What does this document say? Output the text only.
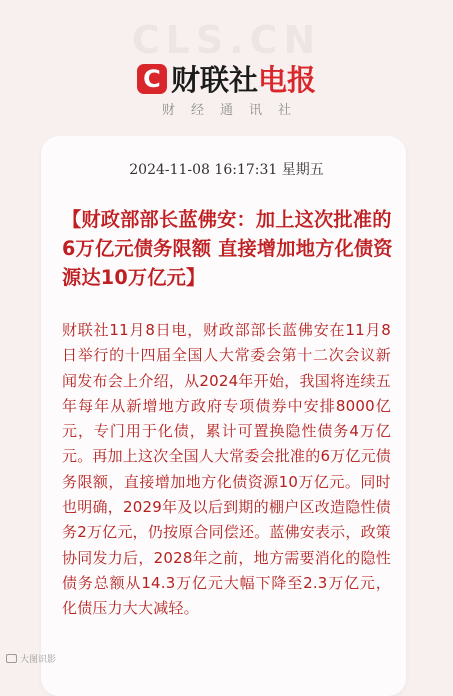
C 财联社电报
财经通讯社
2024-11-08 16:17:31 星期五
【财政部部长蓝佛安：加上这次批准的6万亿元债务限额 直接增加地方化债资源达10万亿元】
财联社11月8日电，财政部部长蓝佛安在11月8日举行的十四届全国人大常委会第十二次会议新闻发布会上介绍，从2024年开始，我国将连续五年每年从新增地方政府专项债券中安排8000亿元，专门用于化债，累计可置换隐性债务4万亿元。再加上这次全国人大常委会批准的6万亿元债务限额，直接增加地方化债资源10万亿元。同时也明确，2029年及以后到期的棚户区改造隐性债务2万亿元，仍按原合同偿还。蓝佛安表示，政策协同发力后，2028年之前，地方需要消化的隐性债务总额从14.3万亿元大幅下降至2.3万亿元，化债压力大大减轻。
大图识影
